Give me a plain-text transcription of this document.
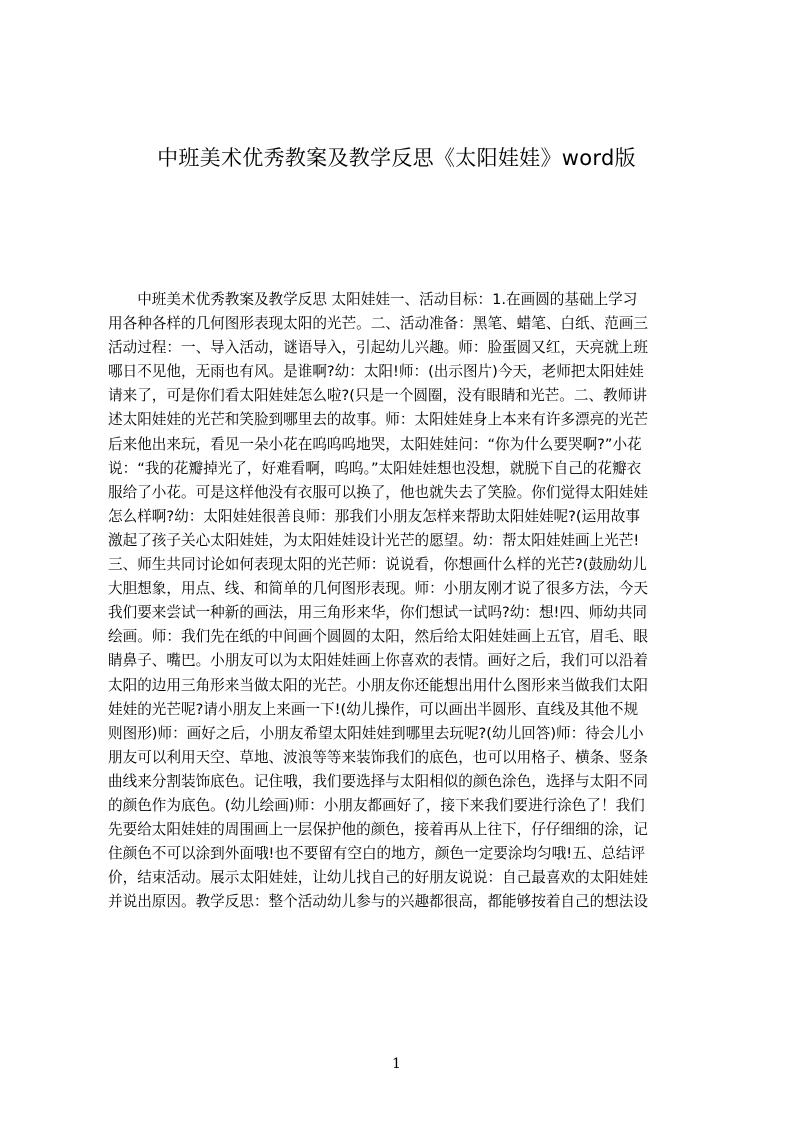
中班美术优秀教案及教学反思《太阳娃娃》word版
　　中班美术优秀教案及教学反思 太阳娃娃一、活动目标：1.在画圆的基础上学习
用各种各样的几何图形表现太阳的光芒。二、活动准备：黑笔、蜡笔、白纸、范画三
活动过程：一、导入活动，谜语导入，引起幼儿兴趣。师：脸蛋圆又红，天亮就上班
哪日不见他，无雨也有风。是谁啊?幼：太阳!师：(出示图片)今天，老师把太阳娃娃
请来了，可是你们看太阳娃娃怎么啦?(只是一个圆圈，没有眼睛和光芒。二、教师讲
述太阳娃娃的光芒和笑脸到哪里去的故事。师：太阳娃娃身上本来有许多漂亮的光芒
后来他出来玩，看见一朵小花在呜呜呜地哭，太阳娃娃问：“你为什么要哭啊?”小花
说：“我的花瓣掉光了，好难看啊，呜呜。”太阳娃娃想也没想，就脱下自己的花瓣衣
服给了小花。可是这样他没有衣服可以换了，他也就失去了笑脸。你们觉得太阳娃娃
怎么样啊?幼：太阳娃娃很善良师：那我们小朋友怎样来帮助太阳娃娃呢?(运用故事
激起了孩子关心太阳娃娃，为太阳娃娃设计光芒的愿望。幼：帮太阳娃娃画上光芒!
三、师生共同讨论如何表现太阳的光芒师：说说看，你想画什么样的光芒?(鼓励幼儿
大胆想象，用点、线、和简单的几何图形表现。师：小朋友刚才说了很多方法，今天
我们要来尝试一种新的画法，用三角形来华，你们想试一试吗?幼：想!四、师幼共同
绘画。师：我们先在纸的中间画个圆圆的太阳，然后给太阳娃娃画上五官，眉毛、眼
睛鼻子、嘴巴。小朋友可以为太阳娃娃画上你喜欢的表情。画好之后，我们可以沿着
太阳的边用三角形来当做太阳的光芒。小朋友你还能想出用什么图形来当做我们太阳
娃娃的光芒呢?请小朋友上来画一下!(幼儿操作，可以画出半圆形、直线及其他不规
则图形)师：画好之后，小朋友希望太阳娃娃到哪里去玩呢?(幼儿回答)师：待会儿小
朋友可以利用天空、草地、波浪等等来装饰我们的底色，也可以用格子、横条、竖条
曲线来分割装饰底色。记住哦，我们要选择与太阳相似的颜色涂色，选择与太阳不同
的颜色作为底色。(幼儿绘画)师：小朋友都画好了，接下来我们要进行涂色了！我们
先要给太阳娃娃的周围画上一层保护他的颜色，接着再从上往下，仔仔细细的涂，记
住颜色不可以涂到外面哦!也不要留有空白的地方，颜色一定要涂均匀哦!五、总结评
价，结束活动。展示太阳娃娃，让幼儿找自己的好朋友说说：自己最喜欢的太阳娃娃
并说出原因。教学反思：整个活动幼儿参与的兴趣都很高，都能够按着自己的想法设
1
